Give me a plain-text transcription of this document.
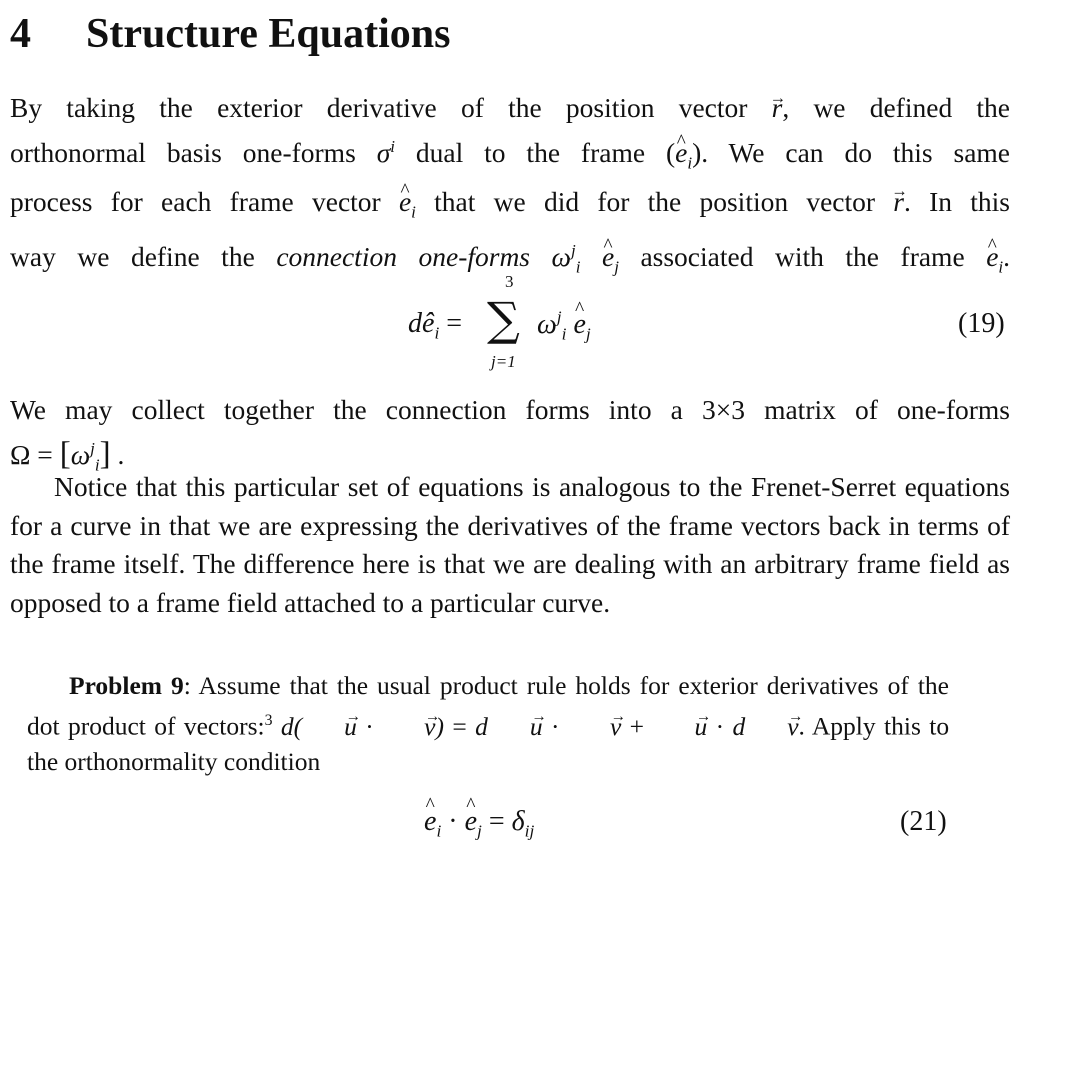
4 Structure Equations
By taking the exterior derivative of the position vector → r, we defined the
orthonormal basis one-forms $\sigma^i$ dual to the frame (^ $e_i$). We can do this same
process for each frame vector ^ $e_i$ that we did for the position vector → r. In this
way we define the connection one-forms $\omega^j_i$ ^ $e_j$ associated with the frame ^ $e_i$.
$dê_i$ =
3
∑
j=1
$\omega^j_i$ ^ $e_j$	(19)
We may collect together the connection forms into a 3×3 matrix of one-forms
$\Omega = [\omega^j_i]$ .
Notice that this particular set of equations is analogous to the Frenet-Serret equations for a curve in that we are expressing the derivatives of the frame vectors back in terms of the frame itself. The difference here is that we are dealing with an arbitrary frame field as opposed to a frame field attached to a particular curve.
Problem 9: Assume that the usual product rule holds for exterior derivatives of the dot product of vectors:$^3$ d( → u · → v) = d → u · → v + → u · d → v. Apply this to the orthonormality condition
^ $e_i$ · ^ $e_j = \delta_{ij}$	(21)
